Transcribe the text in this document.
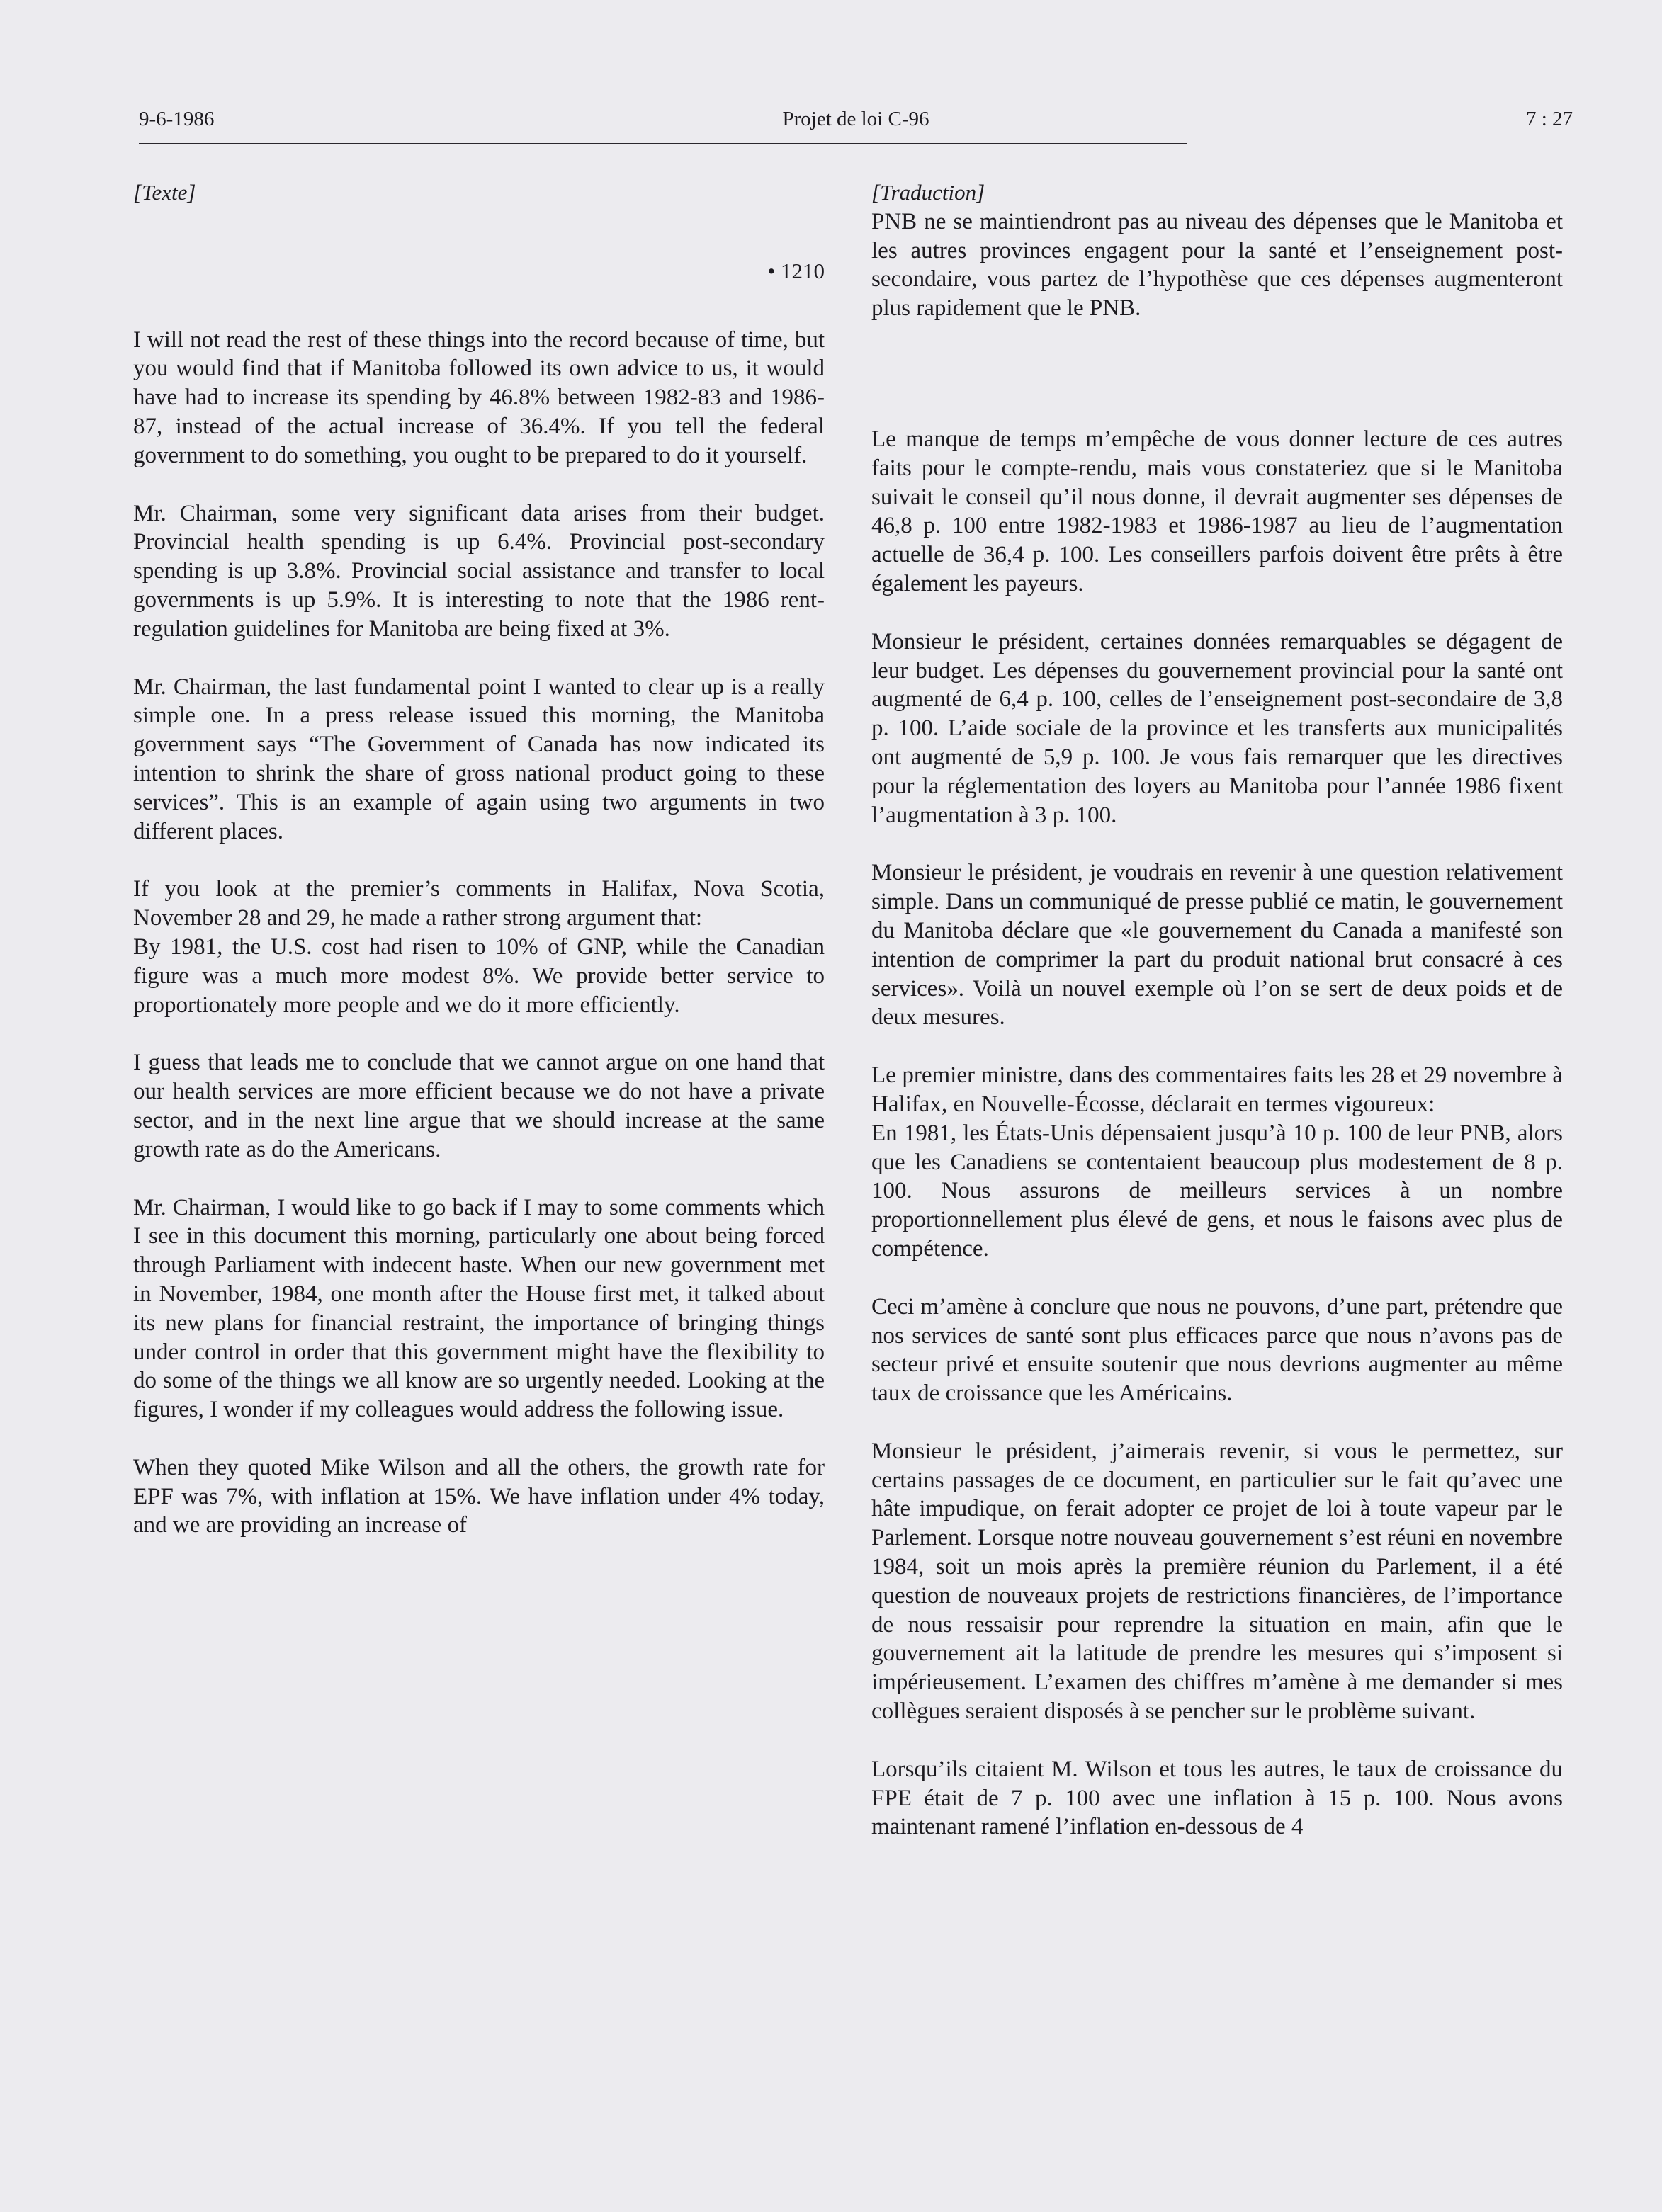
9-6-1986	Projet de loi C-96	7 : 27
[Texte]
• 1210

I will not read the rest of these things into the record because of time, but you would find that if Manitoba followed its own advice to us, it would have had to increase its spending by 46.8% between 1982-83 and 1986-87, instead of the actual increase of 36.4%. If you tell the federal government to do something, you ought to be prepared to do it yourself.

Mr. Chairman, some very significant data arises from their budget. Provincial health spending is up 6.4%. Provincial post-secondary spending is up 3.8%. Provincial social assistance and transfer to local governments is up 5.9%. It is interesting to note that the 1986 rent-regulation guidelines for Manitoba are being fixed at 3%.

Mr. Chairman, the last fundamental point I wanted to clear up is a really simple one. In a press release issued this morning, the Manitoba government says “The Government of Canada has now indicated its intention to shrink the share of gross national product going to these services”. This is an example of again using two arguments in two different places.

If you look at the premier’s comments in Halifax, Nova Scotia, November 28 and 29, he made a rather strong argument that:

By 1981, the U.S. cost had risen to 10% of GNP, while the Canadian figure was a much more modest 8%. We provide better service to proportionately more people and we do it more efficiently.

I guess that leads me to conclude that we cannot argue on one hand that our health services are more efficient because we do not have a private sector, and in the next line argue that we should increase at the same growth rate as do the Americans.

Mr. Chairman, I would like to go back if I may to some comments which I see in this document this morning, particularly one about being forced through Parliament with indecent haste. When our new government met in November, 1984, one month after the House first met, it talked about its new plans for financial restraint, the importance of bringing things under control in order that this government might have the flexibility to do some of the things we all know are so urgently needed. Looking at the figures, I wonder if my colleagues would address the following issue.

When they quoted Mike Wilson and all the others, the growth rate for EPF was 7%, with inflation at 15%. We have inflation under 4% today, and we are providing an increase of

[Traduction]

PNB ne se maintiendront pas au niveau des dépenses que le Manitoba et les autres provinces engagent pour la santé et l’enseignement post-secondaire, vous partez de l’hypothèse que ces dépenses augmenteront plus rapidement que le PNB.

Le manque de temps m’empêche de vous donner lecture de ces autres faits pour le compte-rendu, mais vous constateriez que si le Manitoba suivait le conseil qu’il nous donne, il devrait augmenter ses dépenses de 46,8 p. 100 entre 1982-1983 et 1986-1987 au lieu de l’augmentation actuelle de 36,4 p. 100. Les conseillers parfois doivent être prêts à être également les payeurs.

Monsieur le président, certaines données remarquables se dégagent de leur budget. Les dépenses du gouvernement provincial pour la santé ont augmenté de 6,4 p. 100, celles de l’enseignement post-secondaire de 3,8 p. 100. L’aide sociale de la province et les transferts aux municipalités ont augmenté de 5,9 p. 100. Je vous fais remarquer que les directives pour la réglementation des loyers au Manitoba pour l’année 1986 fixent l’augmentation à 3 p. 100.

Monsieur le président, je voudrais en revenir à une question relativement simple. Dans un communiqué de presse publié ce matin, le gouvernement du Manitoba déclare que «le gouvernement du Canada a manifesté son intention de comprimer la part du produit national brut consacré à ces services». Voilà un nouvel exemple où l’on se sert de deux poids et de deux mesures.

Le premier ministre, dans des commentaires faits les 28 et 29 novembre à Halifax, en Nouvelle-Écosse, déclarait en termes vigoureux:

En 1981, les États-Unis dépensaient jusqu’à 10 p. 100 de leur PNB, alors que les Canadiens se contentaient beaucoup plus modestement de 8 p. 100. Nous assurons de meilleurs services à un nombre proportionnellement plus élevé de gens, et nous le faisons avec plus de compétence.

Ceci m’amène à conclure que nous ne pouvons, d’une part, prétendre que nos services de santé sont plus efficaces parce que nous n’avons pas de secteur privé et ensuite soutenir que nous devrions augmenter au même taux de croissance que les Américains.

Monsieur le président, j’aimerais revenir, si vous le permettez, sur certains passages de ce document, en particulier sur le fait qu’avec une hâte impudique, on ferait adopter ce projet de loi à toute vapeur par le Parlement. Lorsque notre nouveau gouvernement s’est réuni en novembre 1984, soit un mois après la première réunion du Parlement, il a été question de nouveaux projets de restrictions financières, de l’importance de nous ressaisir pour reprendre la situation en main, afin que le gouvernement ait la latitude de prendre les mesures qui s’imposent si impérieusement. L’examen des chiffres m’amène à me demander si mes collègues seraient disposés à se pencher sur le problème suivant.

Lorsqu’ils citaient M. Wilson et tous les autres, le taux de croissance du FPE était de 7 p. 100 avec une inflation à 15 p. 100. Nous avons maintenant ramené l’inflation en-dessous de 4
